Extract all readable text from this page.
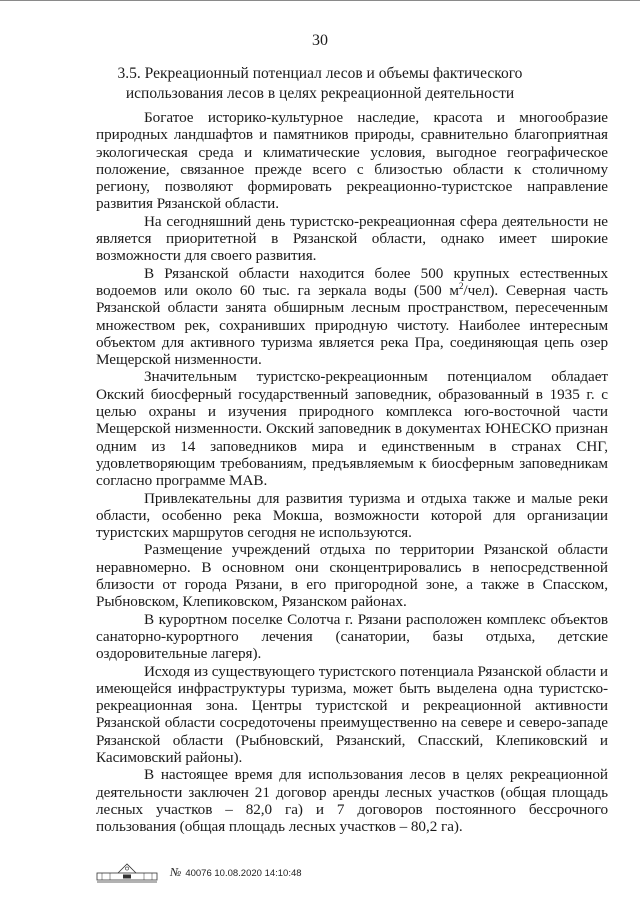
30
3.5. Рекреационный потенциал лесов и объемы фактического использования лесов в целях рекреационной деятельности

Богатое историко-культурное наследие, красота и многообразие природных ландшафтов и памятников природы, сравнительно благоприятная экологическая среда и климатические условия, выгодное географическое положение, связанное прежде всего с близостью области к столичному региону, позволяют формировать рекреационно-туристское направление развития Рязанской области.

На сегодняшний день туристско-рекреационная сфера деятельности не является приоритетной в Рязанской области, однако имеет широкие возможности для своего развития.

В Рязанской области находится более 500 крупных естественных водоемов или около 60 тыс. га зеркала воды (500 $м^2/чел$). Северная часть Рязанской области занята обширным лесным пространством, пересеченным множеством рек, сохранивших природную чистоту. Наиболее интересным объектом для активного туризма является река Пра, соединяющая цепь озер Мещерской низменности.

Значительным туристско-рекреационным потенциалом обладает Окский биосферный государственный заповедник, образованный в 1935 г. с целью охраны и изучения природного комплекса юго-восточной части Мещерской низменности. Окский заповедник в документах ЮНЕСКО признан одним из 14 заповедников мира и единственным в странах СНГ, удовлетворяющим требованиям, предъявляемым к биосферным заповедникам согласно программе МАВ.

Привлекательны для развития туризма и отдыха также и малые реки области, особенно река Мокша, возможности которой для организации туристских маршрутов сегодня не используются.

Размещение учреждений отдыха по территории Рязанской области неравномерно. В основном они сконцентрировались в непосредственной близости от города Рязани, в его пригородной зоне, а также в Спасском, Рыбновском, Клепиковском, Рязанском районах.

В курортном поселке Солотча г. Рязани расположен комплекс объектов санаторно-курортного лечения (санатории, базы отдыха, детские оздоровительные лагеря).

Исходя из существующего туристского потенциала Рязанской области и имеющейся инфраструктуры туризма, может быть выделена одна туристско-рекреационная зона. Центры туристской и рекреационной активности Рязанской области сосредоточены преимущественно на севере и северо-западе Рязанской области (Рыбновский, Рязанский, Спасский, Клепиковский и Касимовский районы).

В настоящее время для использования лесов в целях рекреационной деятельности заключен 21 договор аренды лесных участков (общая площадь лесных участков – 82,0 га) и 7 договоров постоянного бессрочного пользования (общая площадь лесных участков – 80,2 га).

№ 40076 10.08.2020 14:10:48
